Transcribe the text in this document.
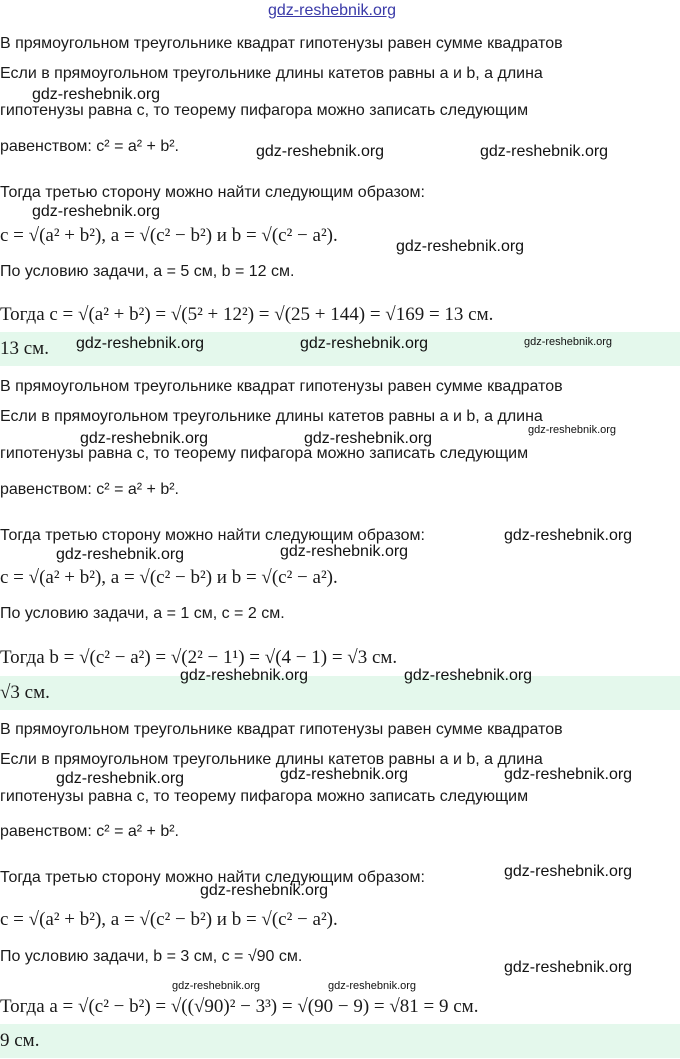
В прямоугольном треугольнике квадрат гипотенузы равен сумме квадратов
Если в прямоугольном треугольнике длины катетов равны a и b, а длина
гипотенузы равна c, то теорему пифагора можно записать следующим
равенством: c² = a² + b².
Тогда третью сторону можно найти следующим образом:
c = √(a² + b²), a = √(c² − b²) и b = √(c² − a²).
По условию задачи, a = 5 см, b = 12 см.
Тогда c = √(a² + b²) = √(5² + 12²) = √(25 + 144) = √169 = 13 см.
13 см.
В прямоугольном треугольнике квадрат гипотенузы равен сумме квадратов
Если в прямоугольном треугольнике длины катетов равны a и b, а длина
гипотенузы равна c, то теорему пифагора можно записать следующим
равенством: c² = a² + b².
Тогда третью сторону можно найти следующим образом:
c = √(a² + b²), a = √(c² − b²) и b = √(c² − a²).
По условию задачи, a = 1 см, c = 2 см.
Тогда b = √(c² − a²) = √(2² − 1¹) = √(4 − 1) = √3 см.
√3 см.
В прямоугольном треугольнике квадрат гипотенузы равен сумме квадратов
Если в прямоугольном треугольнике длины катетов равны a и b, а длина
гипотенузы равна c, то теорему пифагора можно записать следующим
равенством: c² = a² + b².
Тогда третью сторону можно найти следующим образом:
c = √(a² + b²), a = √(c² − b²) и b = √(c² − a²).
По условию задачи, b = 3 см, c = √90 см.
Тогда a = √(c² − b²) = √((√90)² − 3³) = √(90 − 9) = √81 = 9 см.
9 см.
gdz-reshebnik.org
gdz-reshebnik.org
gdz-reshebnik.org	gdz-reshebnik.org
gdz-reshebnik.org
gdz-reshebnik.org
gdz-reshebnik.org	gdz-reshebnik.org	gdz-reshebnik.org
gdz-reshebnik.org
gdz-reshebnik.org	gdz-reshebnik.org
gdz-reshebnik.org
gdz-reshebnik.org	gdz-reshebnik.org
gdz-reshebnik.org	gdz-reshebnik.org
gdz-reshebnik.org	gdz-reshebnik.org	gdz-reshebnik.org
gdz-reshebnik.org
gdz-reshebnik.org
gdz-reshebnik.org
gdz-reshebnik.org	gdz-reshebnik.org
